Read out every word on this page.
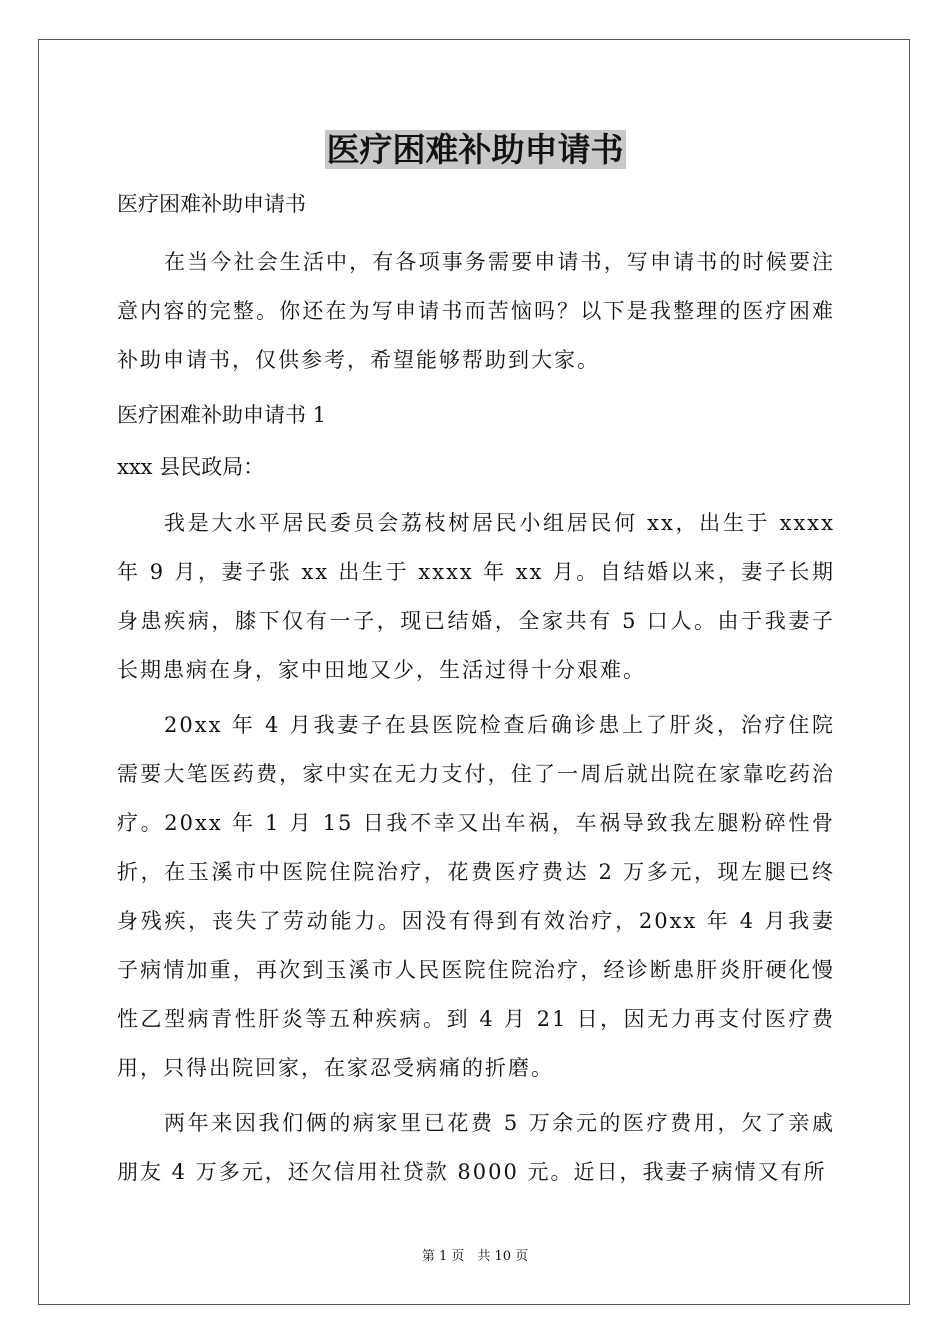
医疗困难补助申请书

医疗困难补助申请书

在当今社会生活中，有各项事务需要申请书，写申请书的时候要注意内容的完整。你还在为写申请书而苦恼吗？以下是我整理的医疗困难补助申请书，仅供参考，希望能够帮助到大家。

医疗困难补助申请书 1

xxx 县民政局：

我是大水平居民委员会荔枝树居民小组居民何 xx，出生于 xxxx 年 9 月，妻子张 xx 出生于 xxxx 年 xx 月。自结婚以来，妻子长期身患疾病，膝下仅有一子，现已结婚，全家共有 5 口人。由于我妻子长期患病在身，家中田地又少，生活过得十分艰难。

20xx 年 4 月我妻子在县医院检查后确诊患上了肝炎，治疗住院需要大笔医药费，家中实在无力支付，住了一周后就出院在家靠吃药治疗。20xx 年 1 月 15 日我不幸又出车祸，车祸导致我左腿粉碎性骨折，在玉溪市中医院住院治疗，花费医疗费达 2 万多元，现左腿已终身残疾，丧失了劳动能力。因没有得到有效治疗，20xx 年 4 月我妻子病情加重，再次到玉溪市人民医院住院治疗，经诊断患肝炎肝硬化慢性乙型病青性肝炎等五种疾病。到 4 月 21 日，因无力再支付医疗费用，只得出院回家，在家忍受病痛的折磨。

两年来因我们俩的病家里已花费 5 万余元的医疗费用，欠了亲戚朋友 4 万多元，还欠信用社贷款 8000 元。近日，我妻子病情又有所

第 1 页　共 10 页
